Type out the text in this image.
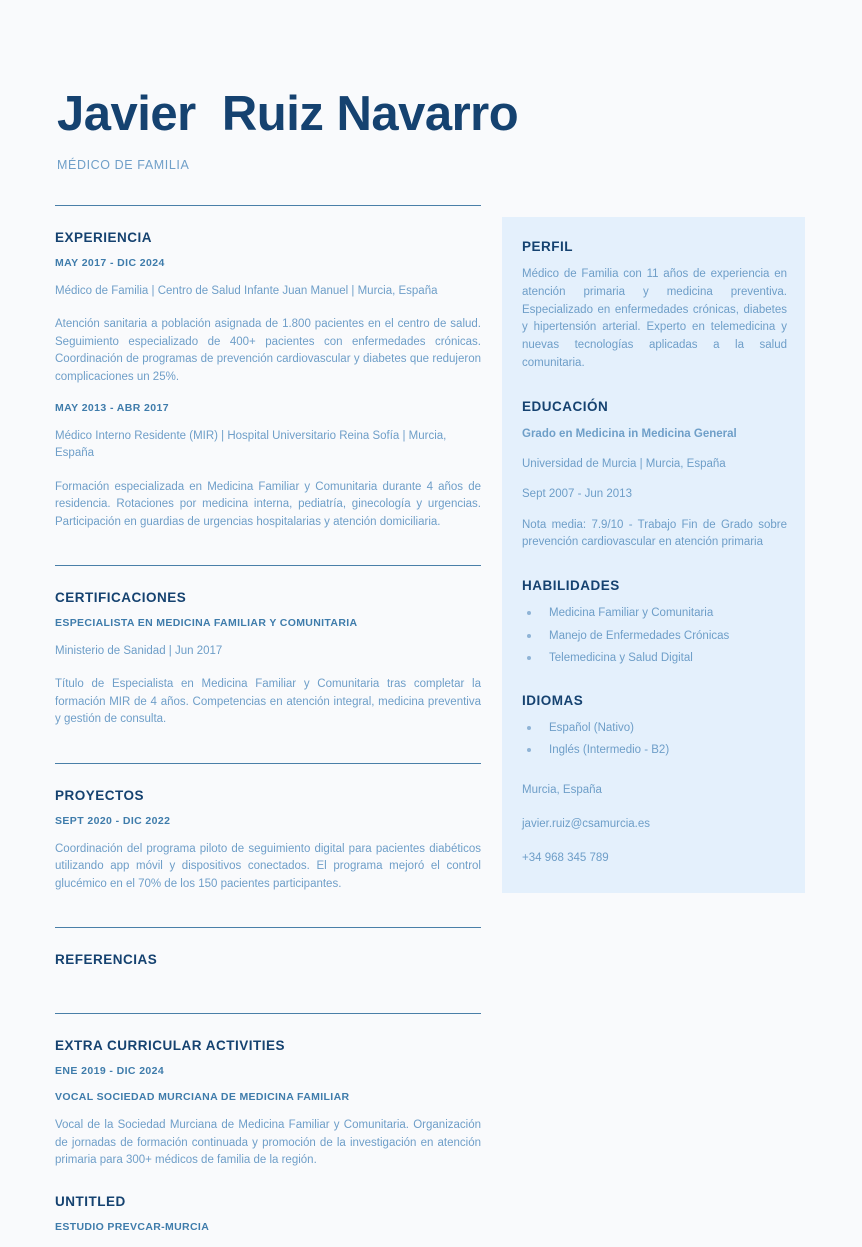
Javier  Ruiz Navarro
MÉDICO DE FAMILIA
EXPERIENCIA
MAY 2017 - DIC 2024
Médico de Familia | Centro de Salud Infante Juan Manuel | Murcia, España
Atención sanitaria a población asignada de 1.800 pacientes en el centro de salud. Seguimiento especializado de 400+ pacientes con enfermedades crónicas. Coordinación de programas de prevención cardiovascular y diabetes que redujeron complicaciones un 25%.
MAY 2013 - ABR 2017
Médico Interno Residente (MIR) | Hospital Universitario Reina Sofía | Murcia, España
Formación especializada en Medicina Familiar y Comunitaria durante 4 años de residencia. Rotaciones por medicina interna, pediatría, ginecología y urgencias. Participación en guardias de urgencias hospitalarias y atención domiciliaria.
CERTIFICACIONES
ESPECIALISTA EN MEDICINA FAMILIAR Y COMUNITARIA
Ministerio de Sanidad | Jun 2017
Título de Especialista en Medicina Familiar y Comunitaria tras completar la formación MIR de 4 años. Competencias en atención integral, medicina preventiva y gestión de consulta.
PROYECTOS
SEPT 2020 - DIC 2022
Coordinación del programa piloto de seguimiento digital para pacientes diabéticos utilizando app móvil y dispositivos conectados. El programa mejoró el control glucémico en el 70% de los 150 pacientes participantes.
REFERENCIAS
EXTRA CURRICULAR ACTIVITIES
ENE 2019 - DIC 2024
VOCAL SOCIEDAD MURCIANA DE MEDICINA FAMILIAR
Vocal de la Sociedad Murciana de Medicina Familiar y Comunitaria. Organización de jornadas de formación continuada y promoción de la investigación en atención primaria para 300+ médicos de familia de la región.
UNTITLED
ESTUDIO PREVCAR-MURCIA
PERFIL
Médico de Familia con 11 años de experiencia en atención primaria y medicina preventiva. Especializado en enfermedades crónicas, diabetes y hipertensión arterial. Experto en telemedicina y nuevas tecnologías aplicadas a la salud comunitaria.
EDUCACIÓN
Grado en Medicina in Medicina General
Universidad de Murcia | Murcia, España
Sept 2007 - Jun 2013
Nota media: 7.9/10 - Trabajo Fin de Grado sobre prevención cardiovascular en atención primaria
HABILIDADES
Medicina Familiar y Comunitaria
Manejo de Enfermedades Crónicas
Telemedicina y Salud Digital
IDIOMAS
Español (Nativo)
Inglés (Intermedio - B2)
Murcia, España
javier.ruiz@csamurcia.es
+34 968 345 789
